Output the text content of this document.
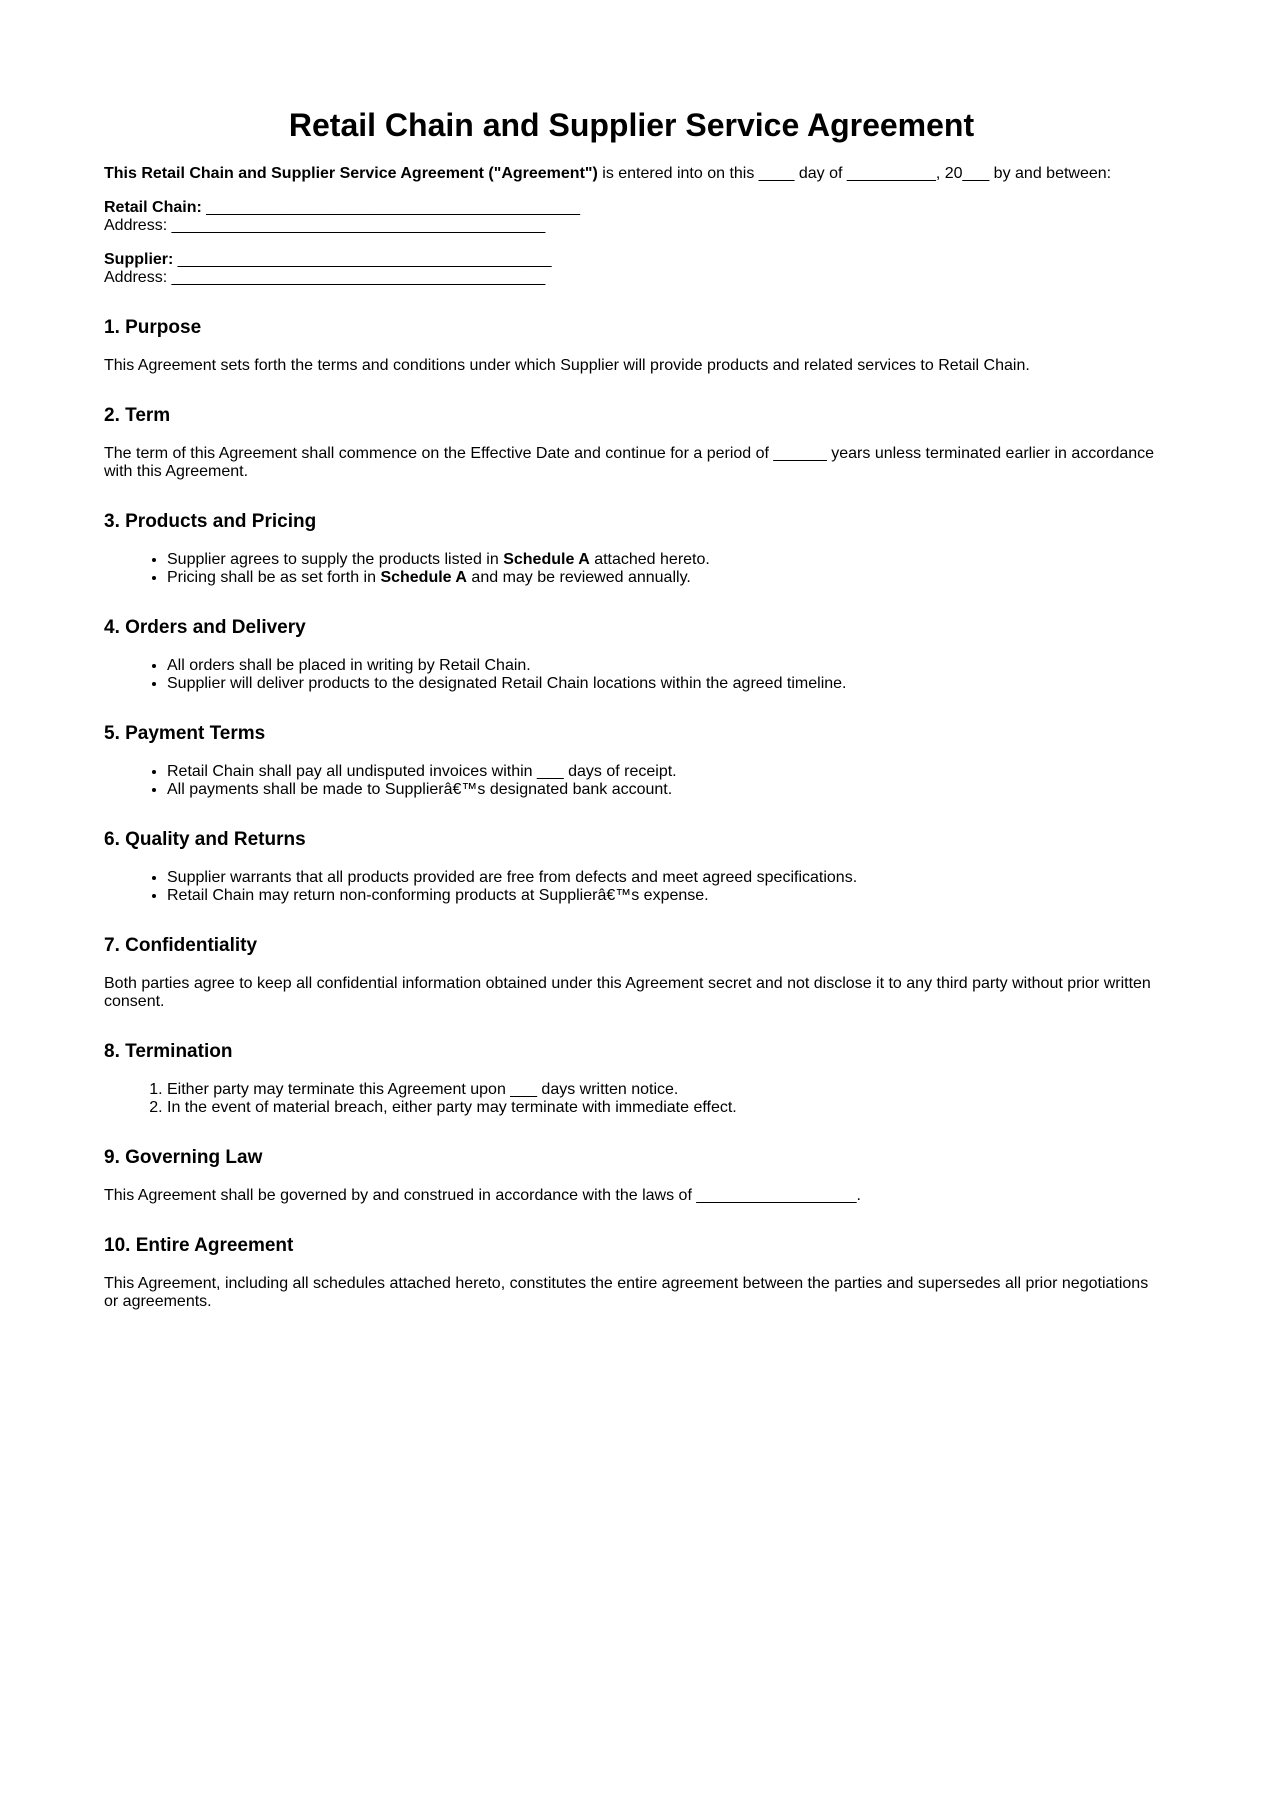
Retail Chain and Supplier Service Agreement

This Retail Chain and Supplier Service Agreement ("Agreement") is entered into on this ____ day of __________, 20___ by and between:

Retail Chain: __________________________________________
Address: __________________________________________

Supplier: __________________________________________
Address: __________________________________________

1. Purpose

This Agreement sets forth the terms and conditions under which Supplier will provide products and related services to Retail Chain.

2. Term

The term of this Agreement shall commence on the Effective Date and continue for a period of ______ years unless terminated earlier in accordance with this Agreement.

3. Products and Pricing
• Supplier agrees to supply the products listed in Schedule A attached hereto.
• Pricing shall be as set forth in Schedule A and may be reviewed annually.
4. Orders and Delivery
• All orders shall be placed in writing by Retail Chain.
• Supplier will deliver products to the designated Retail Chain locations within the agreed timeline.
5. Payment Terms
• Retail Chain shall pay all undisputed invoices within ___ days of receipt.
• All payments shall be made to Supplierâ€™s designated bank account.
6. Quality and Returns
• Supplier warrants that all products provided are free from defects and meet agreed specifications.
• Retail Chain may return non-conforming products at Supplierâ€™s expense.
7. Confidentiality

Both parties agree to keep all confidential information obtained under this Agreement secret and not disclose it to any third party without prior written consent.

8. Termination
1. Either party may terminate this Agreement upon ___ days written notice.
2. In the event of material breach, either party may terminate with immediate effect.
9. Governing Law

This Agreement shall be governed by and construed in accordance with the laws of __________________.

10. Entire Agreement

This Agreement, including all schedules attached hereto, constitutes the entire agreement between the parties and supersedes all prior negotiations or agreements.
